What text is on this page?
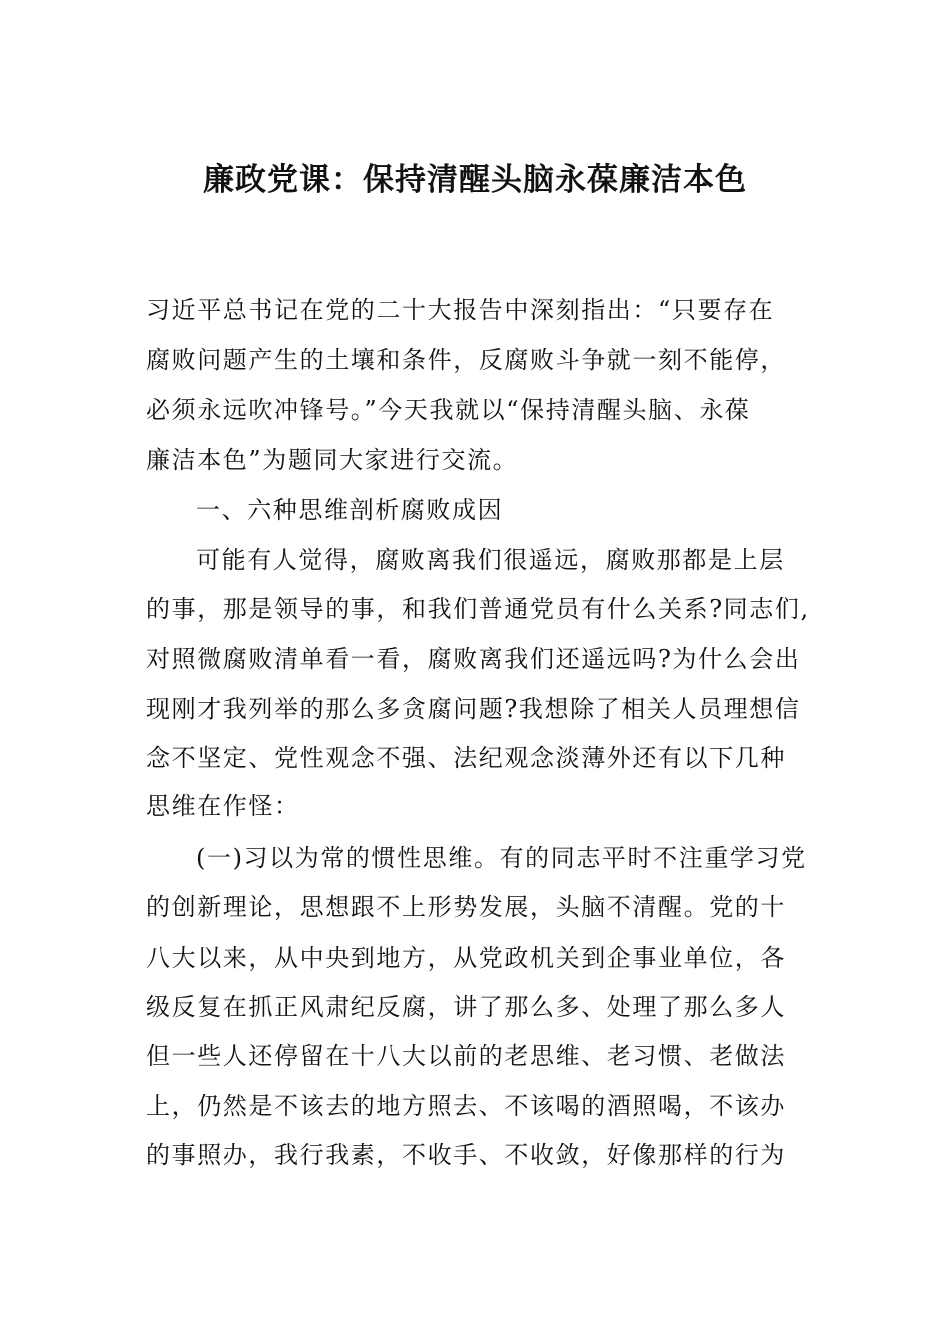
廉政党课：保持清醒头脑永葆廉洁本色
习近平总书记在党的二十大报告中深刻指出：“只要存在
腐败问题产生的土壤和条件，反腐败斗争就一刻不能停，
必须永远吹冲锋号。”今天我就以“保持清醒头脑、永葆
廉洁本色”为题同大家进行交流。
一、六种思维剖析腐败成因
可能有人觉得，腐败离我们很遥远，腐败那都是上层
的事，那是领导的事，和我们普通党员有什么关系?同志们,
对照微腐败清单看一看，腐败离我们还遥远吗?为什么会出
现刚才我列举的那么多贪腐问题?我想除了相关人员理想信
念不坚定、党性观念不强、法纪观念淡薄外还有以下几种
思维在作怪：
(一)习以为常的惯性思维。有的同志平时不注重学习党
的创新理论，思想跟不上形势发展，头脑不清醒。党的十
八大以来，从中央到地方，从党政机关到企事业单位，各
级反复在抓正风肃纪反腐，讲了那么多、处理了那么多人
但一些人还停留在十八大以前的老思维、老习惯、老做法
上，仍然是不该去的地方照去、不该喝的酒照喝，不该办
的事照办，我行我素，不收手、不收敛，好像那样的行为
